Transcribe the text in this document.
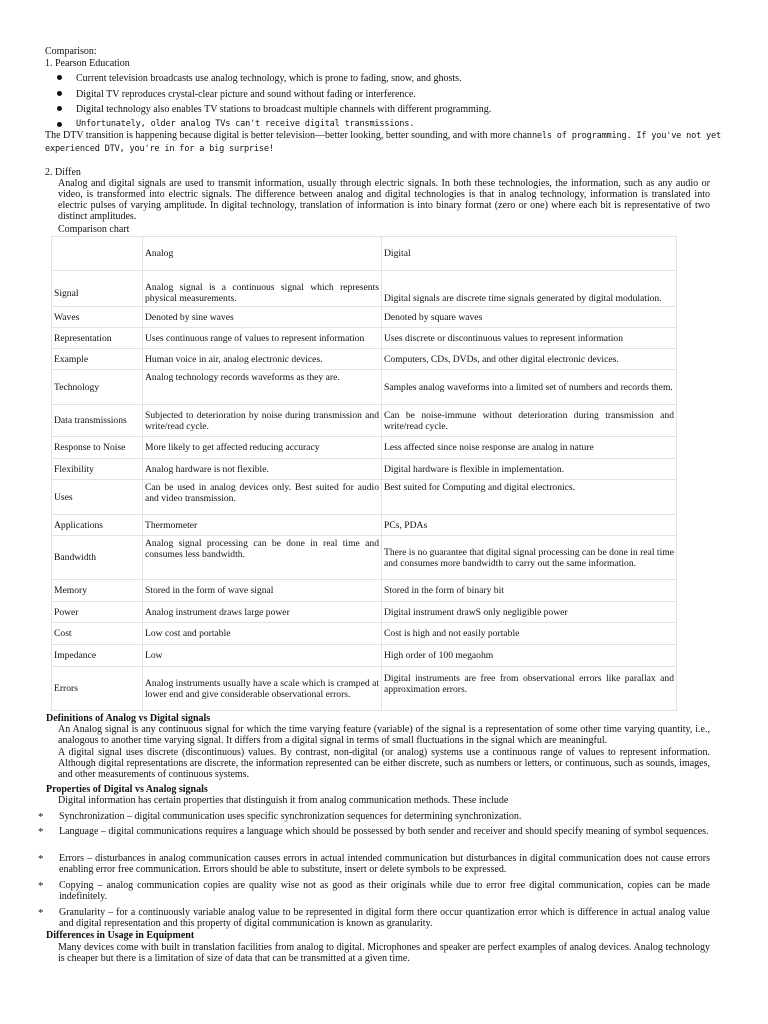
Comparison:
1. Pearson Education
Current television broadcasts use analog technology, which is prone to fading, snow, and ghosts.
Digital TV reproduces crystal-clear picture and sound without fading or interference.
Digital technology also enables TV stations to broadcast multiple channels with different programming.
Unfortunately, older analog TVs can't receive digital transmissions.
The DTV transition is happening because digital is better television—better looking, better sounding, and with more channels of programming. If you've not yet
experienced DTV, you're in for a big surprise!
2. Diffen
Analog and digital signals are used to transmit information, usually through electric signals. In both these technologies, the information, such as any audio or video, is transformed into electric signals. The difference between analog and digital technologies is that in analog technology, information is translated into electric pulses of varying amplitude. In digital technology, translation of information is into binary format (zero or one) where each bit is representative of two distinct amplitudes.
Comparison chart
	Analog	Digital
Signal	Analog signal is a continuous signal which represents physical measurements.	Digital signals are discrete time signals generated by digital modulation.
Waves	Denoted by sine waves	Denoted by square waves
Representation	Uses continuous range of values to represent information	Uses discrete or discontinuous values to represent information
Example	Human voice in air, analog electronic devices.	Computers, CDs, DVDs, and other digital electronic devices.
Technology	Analog technology records waveforms as they are.	Samples analog waveforms into a limited set of numbers and records them.
Data transmissions	Subjected to deterioration by noise during transmission and write/read cycle.	Can be noise-immune without deterioration during transmission and write/read cycle.
Response to Noise	More likely to get affected reducing accuracy	Less affected since noise response are analog in nature
Flexibility	Analog hardware is not flexible.	Digital hardware is flexible in implementation.
Uses	Can be used in analog devices only. Best suited for audio and video transmission.	Best suited for Computing and digital electronics.
Applications	Thermometer	PCs, PDAs
Bandwidth	Analog signal processing can be done in real time and consumes less bandwidth.	There is no guarantee that digital signal processing can be done in real time and consumes more bandwidth to carry out the same information.
Memory	Stored in the form of wave signal	Stored in the form of binary bit
Power	Analog instrument draws large power	Digital instrument drawS only negligible power
Cost	Low cost and portable	Cost is high and not easily portable
Impedance	Low	High order of 100 megaohm
Errors	Analog instruments usually have a scale which is cramped at lower end and give considerable observational errors.	Digital instruments are free from observational errors like parallax and approximation errors.
Definitions of Analog vs Digital signals
An Analog signal is any continuous signal for which the time varying feature (variable) of the signal is a representation of some other time varying quantity, i.e., analogous to another time varying signal. It differs from a digital signal in terms of small fluctuations in the signal which are meaningful.
A digital signal uses discrete (discontinuous) values. By contrast, non-digital (or analog) systems use a continuous range of values to represent information. Although digital representations are discrete, the information represented can be either discrete, such as numbers or letters, or continuous, such as sounds, images, and other measurements of continuous systems.
Properties of Digital vs Analog signals
Digital information has certain properties that distinguish it from analog communication methods. These include
* Synchronization – digital communication uses specific synchronization sequences for determining synchronization.
* Language – digital communications requires a language which should be possessed by both sender and receiver and should specify meaning of symbol sequences.
* Errors – disturbances in analog communication causes errors in actual intended communication but disturbances in digital communication does not cause errors enabling error free communication. Errors should be able to substitute, insert or delete symbols to be expressed.
* Copying – analog communication copies are quality wise not as good as their originals while due to error free digital communication, copies can be made indefinitely.
* Granularity – for a continuously variable analog value to be represented in digital form there occur quantization error which is difference in actual analog value and digital representation and this property of digital communication is known as granularity.
Differences in Usage in Equipment
Many devices come with built in translation facilities from analog to digital. Microphones and speaker are perfect examples of analog devices. Analog technology is cheaper but there is a limitation of size of data that can be transmitted at a given time.
